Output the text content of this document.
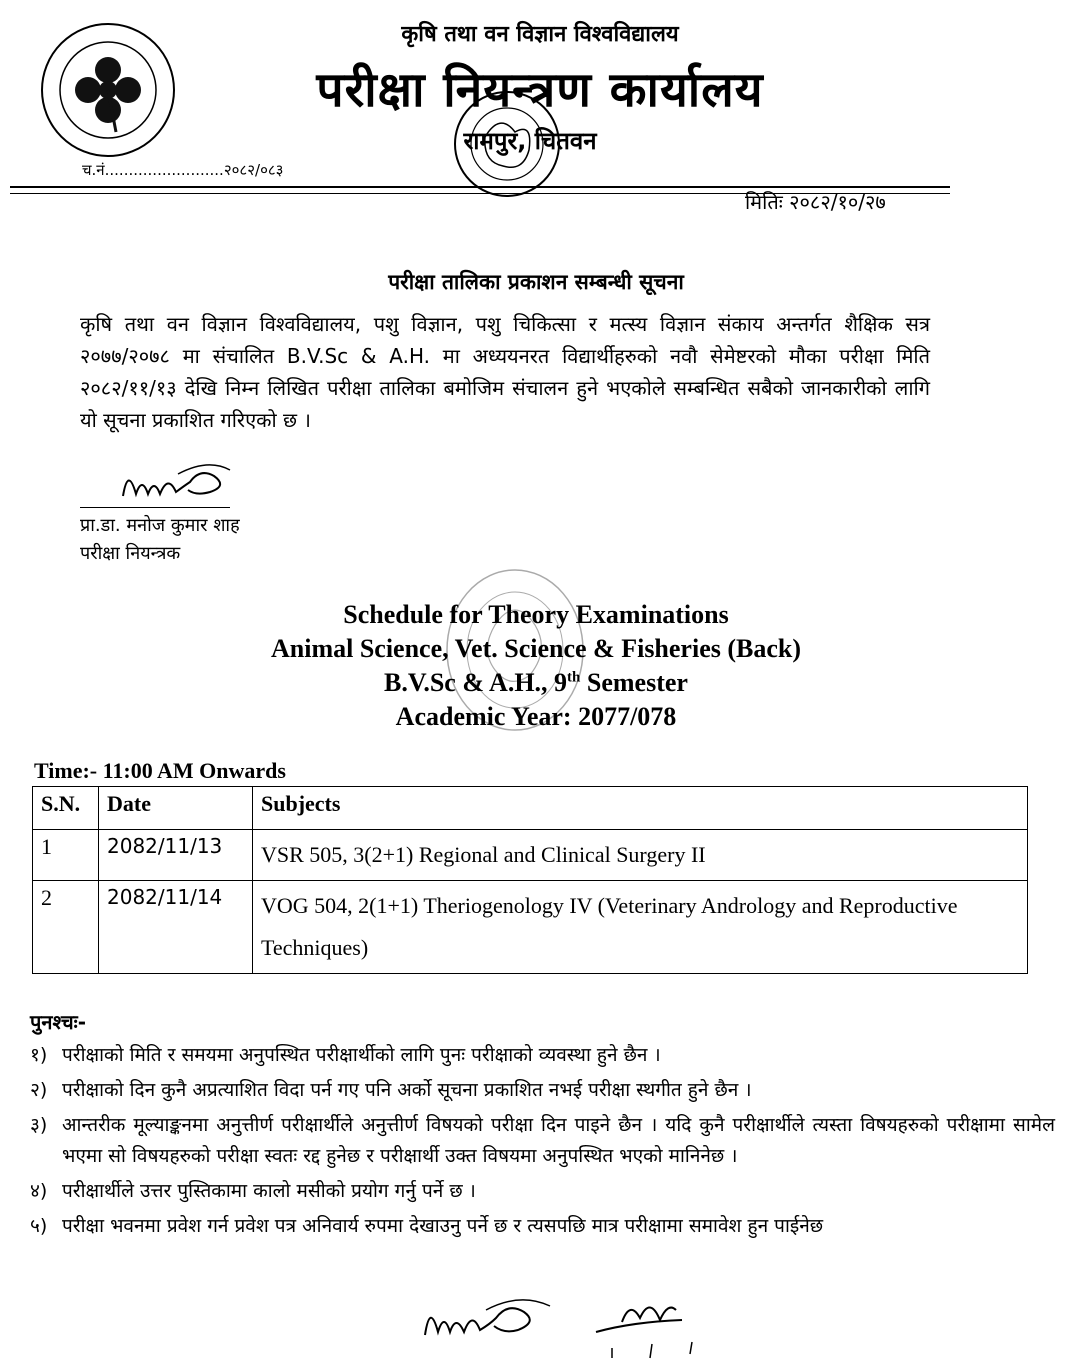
कृषि तथा वन विज्ञान विश्वविद्यालय
परीक्षा नियन्त्रण कार्यालय
रामपुर, चितवन
च.नं.........................२०८२/०८३
मितिः २०८२/१०/२७
परीक्षा तालिका प्रकाशन सम्बन्धी सूचना
कृषि तथा वन विज्ञान विश्वविद्यालय, पशु विज्ञान, पशु चिकित्सा र मत्स्य विज्ञान संकाय अन्तर्गत शैक्षिक सत्र २०७७/२०७८ मा संचालित B.V.Sc & A.H. मा अध्ययनरत विद्यार्थीहरुको नवौ सेमेष्टरको मौका परीक्षा मिति २०८२/११/१३ देखि निम्न लिखित परीक्षा तालिका बमोजिम संचालन हुने भएकोले सम्बन्धित सबैको जानकारीको लागि यो सूचना प्रकाशित गरिएको छ ।
प्रा.डा. मनोज कुमार शाह
परीक्षा नियन्त्रक
Schedule for Theory Examinations
Animal Science, Vet. Science & Fisheries (Back)
B.V.Sc & A.H., 9th Semester
Academic Year: 2077/078
Time:- 11:00 AM Onwards
S.N.	Date	Subjects
1	2082/11/13	VSR 505, 3(2+1) Regional and Clinical Surgery II
2	2082/11/14	VOG 504, 2(1+1) Theriogenology IV (Veterinary Andrology and Reproductive Techniques)
पुनश्चः-
१) परीक्षाको मिति र समयमा अनुपस्थित परीक्षार्थीको लागि पुनः परीक्षाको व्यवस्था हुने छैन ।
२) परीक्षाको दिन कुनै अप्रत्याशित विदा पर्न गए पनि अर्को सूचना प्रकाशित नभई परीक्षा स्थगीत हुने छैन ।
३) आन्तरीक मूल्याङ्कनमा अनुत्तीर्ण परीक्षार्थीले अनुत्तीर्ण विषयको परीक्षा दिन पाइने छैन । यदि कुनै परीक्षार्थीले त्यस्ता विषयहरुको परीक्षामा सामेल भएमा सो विषयहरुको परीक्षा स्वतः रद्द हुनेछ र परीक्षार्थी उक्त विषयमा अनुपस्थित भएको मानिनेछ ।
४) परीक्षार्थीले उत्तर पुस्तिकामा कालो मसीको प्रयोग गर्नु पर्ने छ ।
५) परीक्षा भवनमा प्रवेश गर्न प्रवेश पत्र अनिवार्य रुपमा देखाउनु पर्ने छ र त्यसपछि मात्र परीक्षामा समावेश हुन पाईनेछ
